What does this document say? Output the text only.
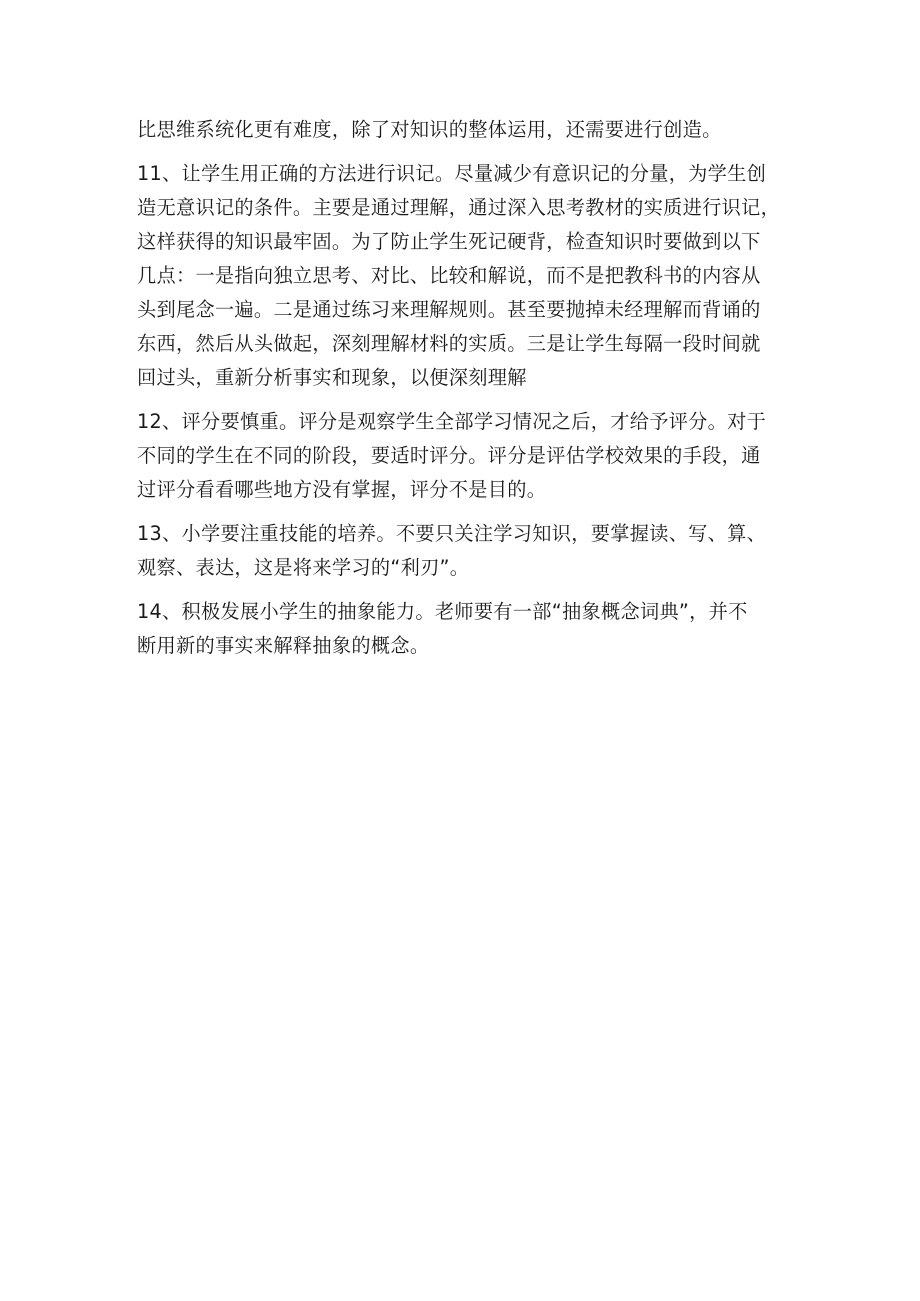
比思维系统化更有难度，除了对知识的整体运用，还需要进行创造。
11、让学生用正确的方法进行识记。尽量减少有意识记的分量，为学生创
造无意识记的条件。主要是通过理解，通过深入思考教材的实质进行识记，
这样获得的知识最牢固。为了防止学生死记硬背，检查知识时要做到以下
几点：一是指向独立思考、对比、比较和解说，而不是把教科书的内容从
头到尾念一遍。二是通过练习来理解规则。甚至要抛掉未经理解而背诵的
东西，然后从头做起，深刻理解材料的实质。三是让学生每隔一段时间就
回过头，重新分析事实和现象，以便深刻理解
12、评分要慎重。评分是观察学生全部学习情况之后，才给予评分。对于
不同的学生在不同的阶段，要适时评分。评分是评估学校效果的手段，通
过评分看看哪些地方没有掌握，评分不是目的。
13、小学要注重技能的培养。不要只关注学习知识，要掌握读、写、算、
观察、表达，这是将来学习的“利刃”。
14、积极发展小学生的抽象能力。老师要有一部“抽象概念词典”，并不
断用新的事实来解释抽象的概念。
